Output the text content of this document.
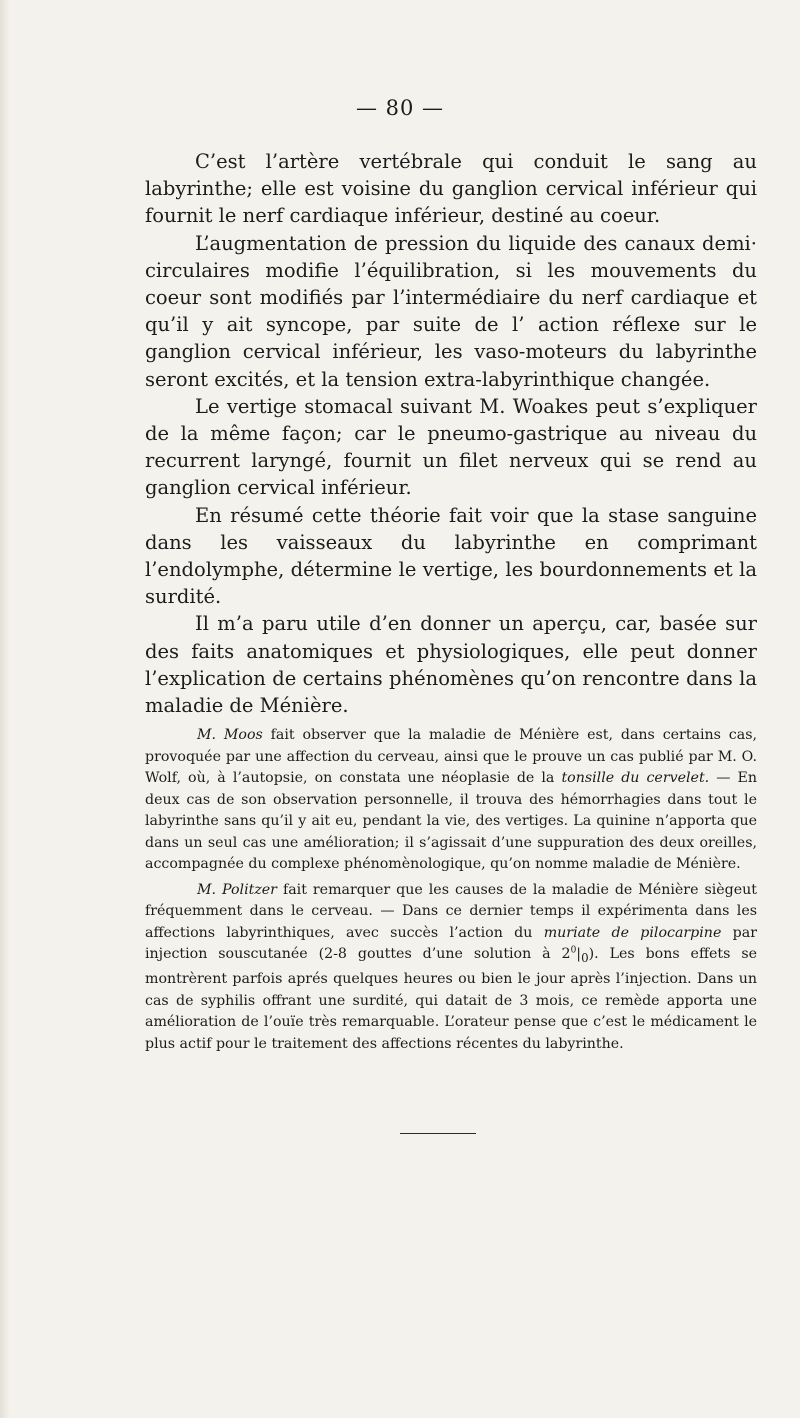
— 80 —

C’est l’artère vertébrale qui conduit le sang au labyrinthe; elle est voisine du ganglion cervical inférieur qui fournit le nerf cardiaque inférieur, destiné au coeur.

L’augmentation de pression du liquide des canaux demi· circulaires modifie l’équilibration, si les mouvements du coeur sont modifiés par l’intermédiaire du nerf cardiaque et qu’il y ait syncope, par suite de l’ action réflexe sur le ganglion cervical inférieur, les vaso-moteurs du labyrinthe seront excités, et la tension extra-labyrinthique changée.

Le vertige stomacal suivant M. Woakes peut s’expliquer de la même façon; car le pneumo-gastrique au niveau du recurrent laryngé, fournit un filet nerveux qui se rend au ganglion cervical inférieur.

En résumé cette théorie fait voir que la stase sanguine dans les vaisseaux du labyrinthe en comprimant l’endolymphe, détermine le vertige, les bourdonnements et la surdité.

Il m’a paru utile d’en donner un aperçu, car, basée sur des faits anatomiques et physiologiques, elle peut donner l’explication de certains phénomènes qu’on rencontre dans la maladie de Ménière.

M. Moos fait observer que la maladie de Ménière est, dans certains cas, provoquée par une affection du cerveau, ainsi que le prouve un cas publié par M. O. Wolf, où, à l’autopsie, on constata une néoplasie de la tonsille du cervelet. — En deux cas de son observation personnelle, il trouva des hémorrhagies dans tout le labyrinthe sans qu’il y ait eu, pendant la vie, des vertiges. La quinine n’apporta que dans un seul cas une amélioration; il s’agissait d’une suppuration des deux oreilles, accompagnée du complexe phénomènologique, qu’on nomme maladie de Ménière.

M. Politzer fait remarquer que les causes de la maladie de Ménière siègeut fréquemment dans le cerveau. — Dans ce dernier temps il expérimenta dans les affections labyrinthiques, avec succès l’action du muriate de pilocarpine par injection souscutanée (2-8 gouttes d’une solution à $2^0|_0$). Les bons effets se montrèrent parfois aprés quelques heures ou bien le jour après l’injection. Dans un cas de syphilis offrant une surdité, qui datait de 3 mois, ce remède apporta une amélioration de l’ouïe très remarquable. L’orateur pense que c’est le médicament le plus actif pour le traitement des affections récentes du labyrinthe.
